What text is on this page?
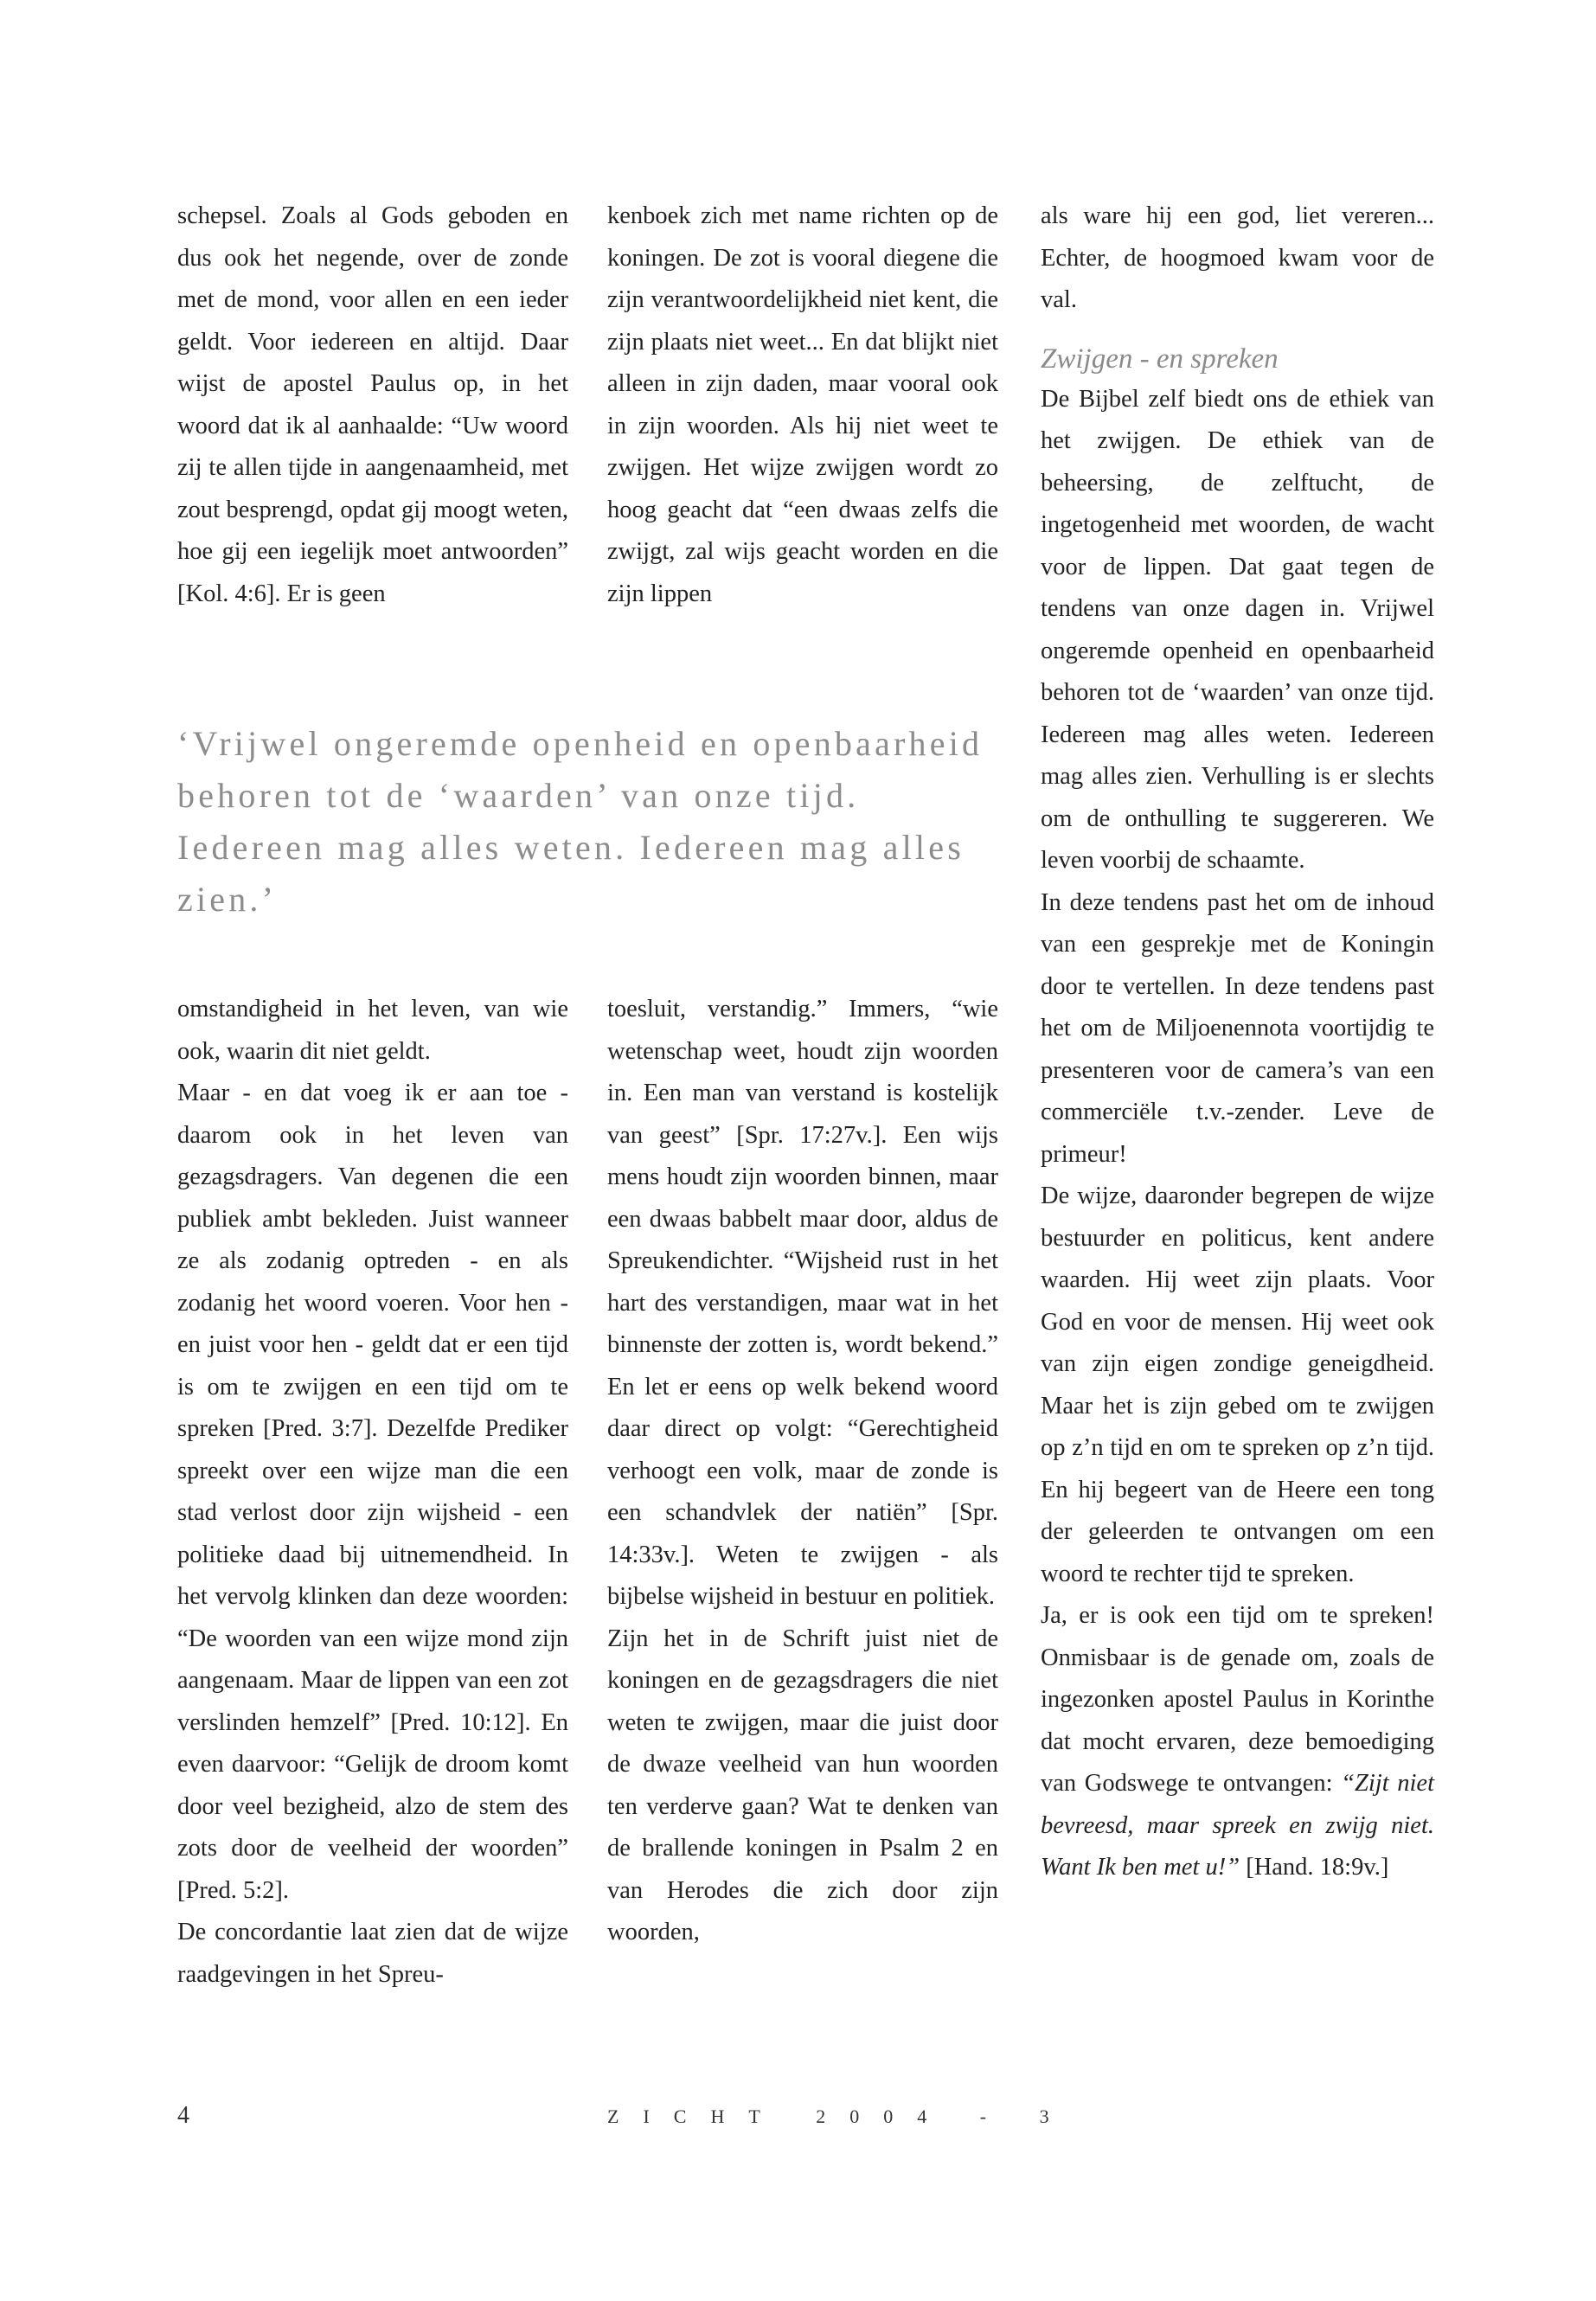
schepsel. Zoals al Gods geboden en dus ook het negende, over de zonde met de mond, voor allen en een ieder geldt. Voor iedereen en altijd. Daar wijst de apostel Paulus op, in het woord dat ik al aanhaalde: “Uw woord zij te allen tijde in aangenaamheid, met zout besprengd, opdat gij moogt weten, hoe gij een iegelijk moet antwoorden” [Kol. 4:6]. Er is geen

kenboek zich met name richten op de koningen. De zot is vooral diegene die zijn verantwoordelijkheid niet kent, die zijn plaats niet weet... En dat blijkt niet alleen in zijn daden, maar vooral ook in zijn woorden. Als hij niet weet te zwijgen. Het wijze zwijgen wordt zo hoog geacht dat “een dwaas zelfs die zwijgt, zal wijs geacht worden en die zijn lippen

‘Vrijwel ongeremde openheid en openbaarheid behoren tot de ‘waarden’ van onze tijd. Iedereen mag alles weten. Iedereen mag alles zien.’

omstandigheid in het leven, van wie ook, waarin dit niet geldt.

Maar - en dat voeg ik er aan toe - daarom ook in het leven van gezagsdragers. Van degenen die een publiek ambt bekleden. Juist wanneer ze als zodanig optreden - en als zodanig het woord voeren. Voor hen - en juist voor hen - geldt dat er een tijd is om te zwijgen en een tijd om te spreken [Pred. 3:7]. Dezelfde Prediker spreekt over een wijze man die een stad verlost door zijn wijsheid - een politieke daad bij uitnemendheid. In het vervolg klinken dan deze woorden: “De woorden van een wijze mond zijn aangenaam. Maar de lippen van een zot verslinden hemzelf” [Pred. 10:12]. En even daarvoor: “Gelijk de droom komt door veel bezigheid, alzo de stem des zots door de veelheid der woorden” [Pred. 5:2].

De concordantie laat zien dat de wijze raadgevingen in het Spreu-

toesluit, verstandig.” Immers, “wie wetenschap weet, houdt zijn woorden in. Een man van verstand is kostelijk van geest” [Spr. 17:27v.]. Een wijs mens houdt zijn woorden binnen, maar een dwaas babbelt maar door, aldus de Spreukendichter. “Wijsheid rust in het hart des verstandigen, maar wat in het binnenste der zotten is, wordt bekend.” En let er eens op welk bekend woord daar direct op volgt: “Gerechtigheid verhoogt een volk, maar de zonde is een schandvlek der natiën” [Spr. 14:33v.]. Weten te zwijgen - als bijbelse wijsheid in bestuur en politiek.

Zijn het in de Schrift juist niet de koningen en de gezagsdragers die niet weten te zwijgen, maar die juist door de dwaze veelheid van hun woorden ten verderve gaan? Wat te denken van de brallende koningen in Psalm 2 en van Herodes die zich door zijn woorden,

als ware hij een god, liet vereren... Echter, de hoogmoed kwam voor de val.

Zwijgen - en spreken

De Bijbel zelf biedt ons de ethiek van het zwijgen. De ethiek van de beheersing, de zelftucht, de ingetogenheid met woorden, de wacht voor de lippen. Dat gaat tegen de tendens van onze dagen in. Vrijwel ongeremde openheid en openbaarheid behoren tot de ‘waarden’ van onze tijd. Iedereen mag alles weten. Iedereen mag alles zien. Verhulling is er slechts om de onthulling te suggereren. We leven voorbij de schaamte.

In deze tendens past het om de inhoud van een gesprekje met de Koningin door te vertellen. In deze tendens past het om de Miljoenennota voortijdig te presenteren voor de camera’s van een commerciële t.v.-zender. Leve de primeur!

De wijze, daaronder begrepen de wijze bestuurder en politicus, kent andere waarden. Hij weet zijn plaats. Voor God en voor de mensen. Hij weet ook van zijn eigen zondige geneigdheid. Maar het is zijn gebed om te zwijgen op z’n tijd en om te spreken op z’n tijd. En hij begeert van de Heere een tong der geleerden te ontvangen om een woord te rechter tijd te spreken.

Ja, er is ook een tijd om te spreken! Onmisbaar is de genade om, zoals de ingezonken apostel Paulus in Korinthe dat mocht ervaren, deze bemoediging van Godswege te ontvangen: “Zijt niet bevreesd, maar spreek en zwijg niet. Want Ik ben met u!” [Hand. 18:9v.]

4	ZICHT 2004 - 3
